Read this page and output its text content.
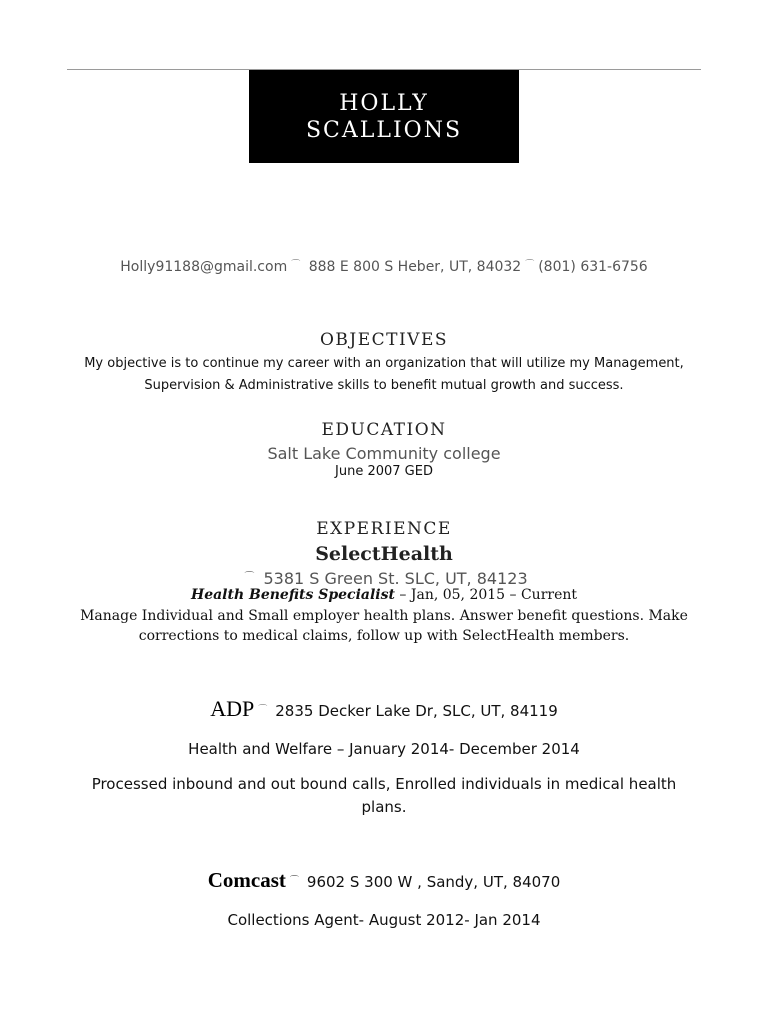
HOLLY
SCALLIONS
Holly91188@gmail.com ⌒ 888 E 800 S Heber, UT, 84032 ⌒ (801) 631-6756
OBJECTIVES
My objective is to continue my career with an organization that will utilize my Management,
Supervision & Administrative skills to benefit mutual growth and success.
EDUCATION
Salt Lake Community college
June 2007 GED
EXPERIENCE
SelectHealth
⌒ 5381 S Green St. SLC, UT, 84123
Health Benefits Specialist – Jan, 05, 2015 – Current
Manage Individual and Small employer health plans. Answer benefit questions. Make
corrections to medical claims, follow up with SelectHealth members.
ADP ⌒ 2835 Decker Lake Dr, SLC, UT, 84119
Health and Welfare – January 2014- December 2014
Processed inbound and out bound calls, Enrolled individuals in medical health
plans.
Comcast ⌒ 9602 S 300 W , Sandy, UT, 84070
Collections Agent- August 2012- Jan 2014
